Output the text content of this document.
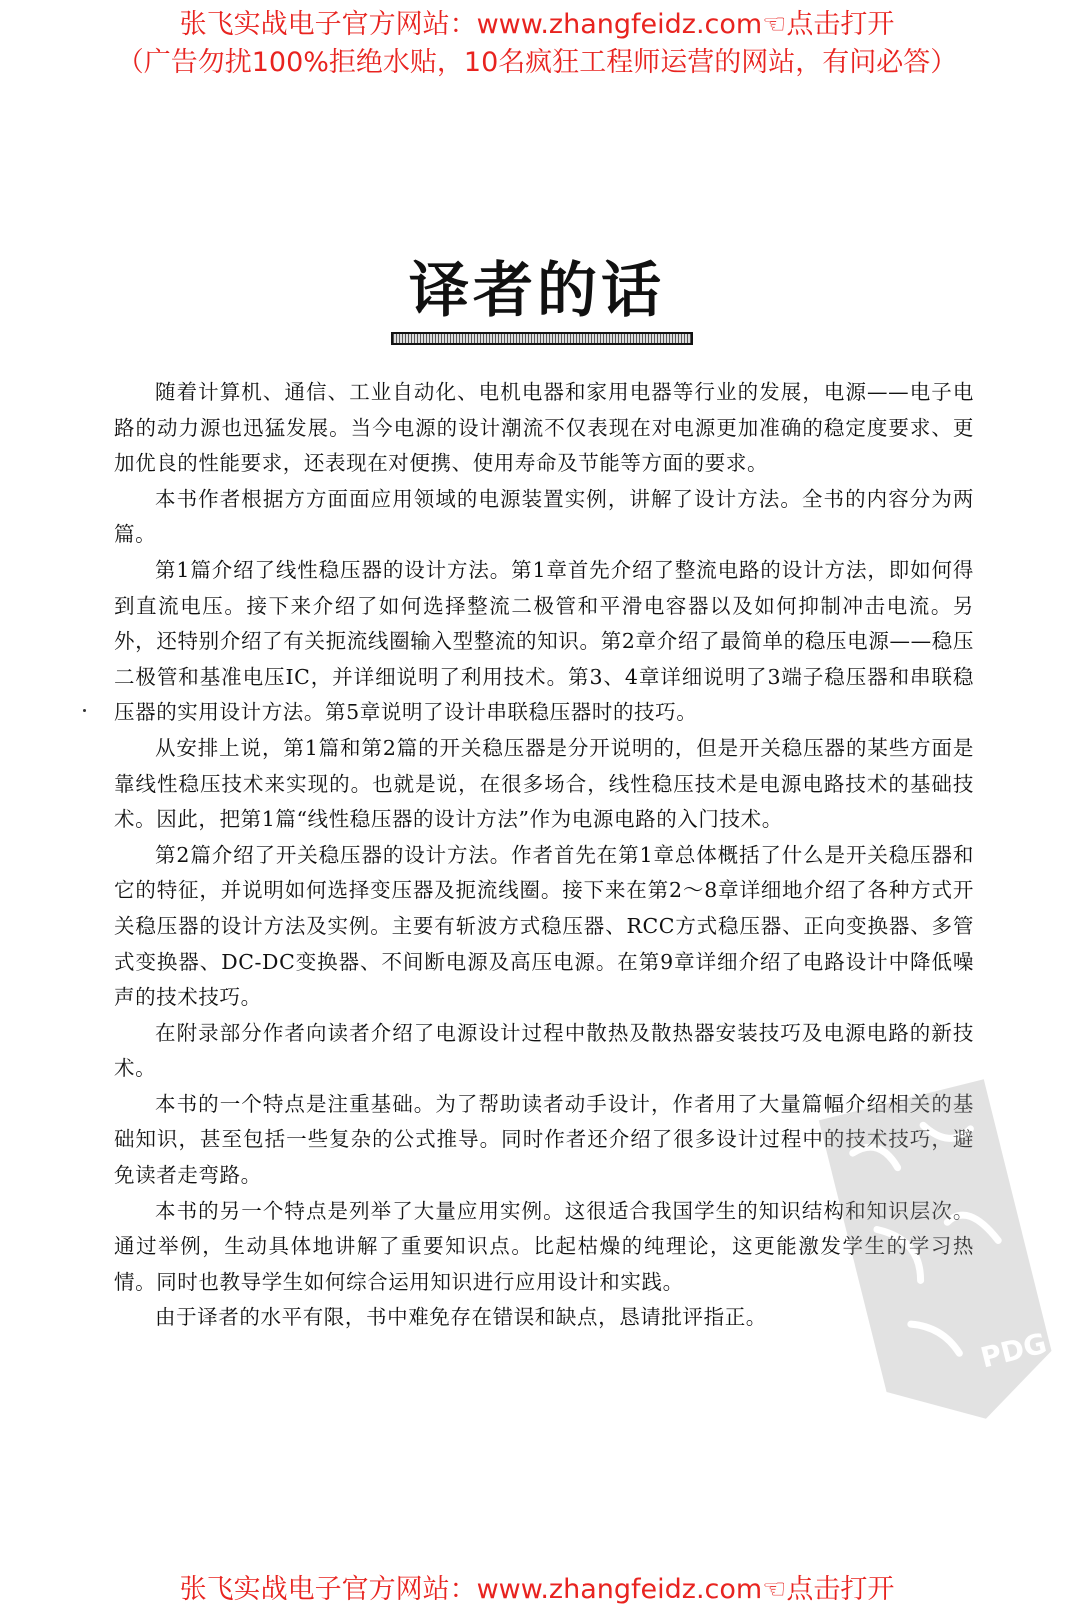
张飞实战电子官方网站：www.zhangfeidz.com☜点击打开
（广告勿扰100%拒绝水贴，10名疯狂工程师运营的网站，有问必答）
译者的话

随着计算机、通信、工业自动化、电机电器和家用电器等行业的发展，电源——电子电路的动力源也迅猛发展。当今电源的设计潮流不仅表现在对电源更加准确的稳定度要求、更加优良的性能要求，还表现在对便携、使用寿命及节能等方面的要求。

本书作者根据方方面面应用领域的电源装置实例，讲解了设计方法。全书的内容分为两篇。

第1篇介绍了线性稳压器的设计方法。第1章首先介绍了整流电路的设计方法，即如何得到直流电压。接下来介绍了如何选择整流二极管和平滑电容器以及如何抑制冲击电流。另外，还特别介绍了有关扼流线圈输入型整流的知识。第2章介绍了最简单的稳压电源——稳压二极管和基准电压IC，并详细说明了利用技术。第3、4章详细说明了3端子稳压器和串联稳压器的实用设计方法。第5章说明了设计串联稳压器时的技巧。

从安排上说，第1篇和第2篇的开关稳压器是分开说明的，但是开关稳压器的某些方面是靠线性稳压技术来实现的。也就是说，在很多场合，线性稳压技术是电源电路技术的基础技术。因此，把第1篇“线性稳压器的设计方法”作为电源电路的入门技术。

第2篇介绍了开关稳压器的设计方法。作者首先在第1章总体概括了什么是开关稳压器和它的特征，并说明如何选择变压器及扼流线圈。接下来在第2～8章详细地介绍了各种方式开关稳压器的设计方法及实例。主要有斩波方式稳压器、RCC方式稳压器、正向变换器、多管式变换器、DC-DC变换器、不间断电源及高压电源。在第9章详细介绍了电路设计中降低噪声的技术技巧。

在附录部分作者向读者介绍了电源设计过程中散热及散热器安装技巧及电源电路的新技术。

本书的一个特点是注重基础。为了帮助读者动手设计，作者用了大量篇幅介绍相关的基础知识，甚至包括一些复杂的公式推导。同时作者还介绍了很多设计过程中的技术技巧，避免读者走弯路。

本书的另一个特点是列举了大量应用实例。这很适合我国学生的知识结构和知识层次。通过举例，生动具体地讲解了重要知识点。比起枯燥的纯理论，这更能激发学生的学习热情。同时也教导学生如何综合运用知识进行应用设计和实践。

由于译者的水平有限，书中难免存在错误和缺点，恳请批评指正。

PDG
张飞实战电子官方网站：www.zhangfeidz.com☜点击打开
